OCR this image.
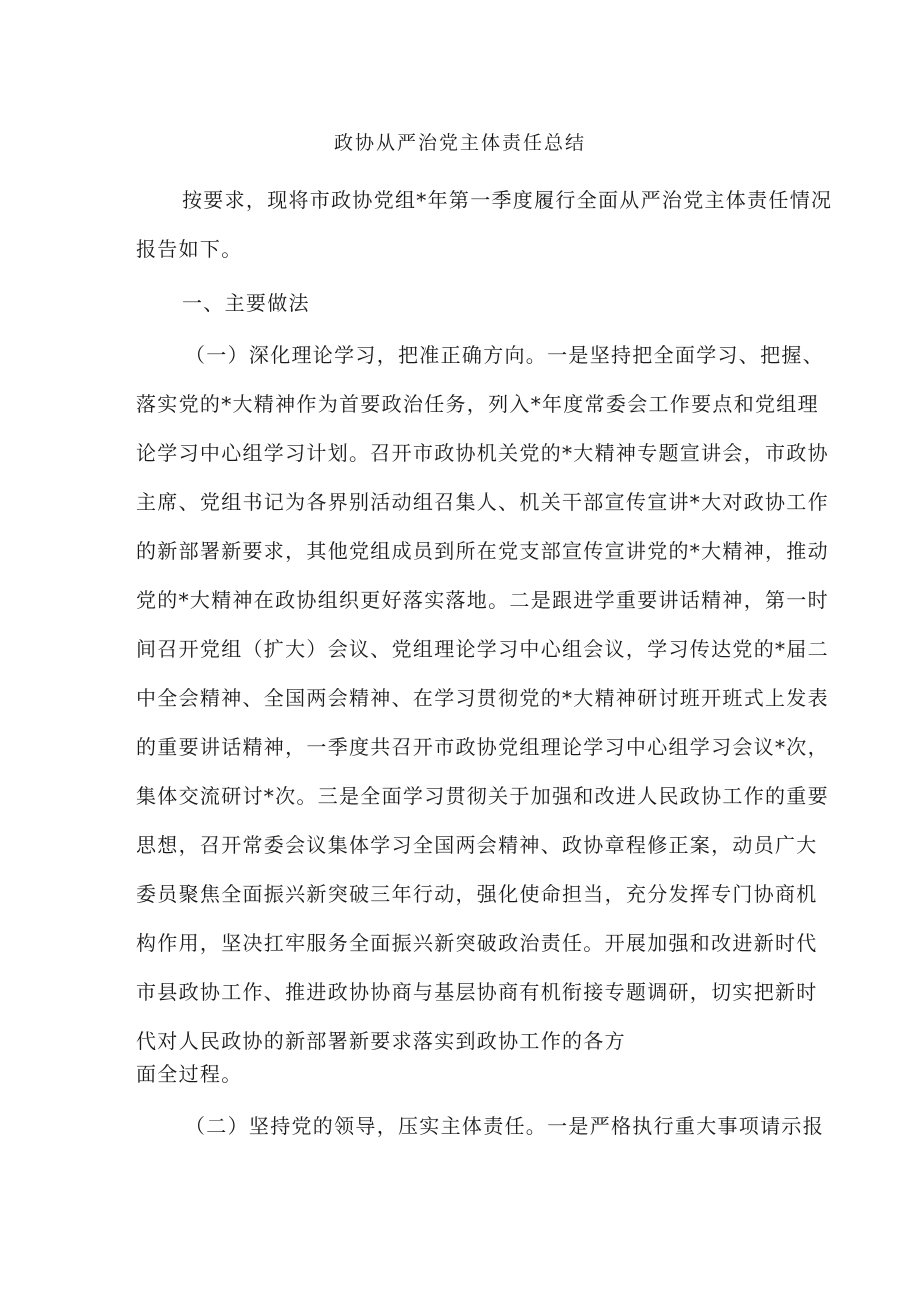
政协从严治党主体责任总结
按要求，现将市政协党组*年第一季度履行全面从严治党主体责任情况
报告如下。
一、主要做法
（一）深化理论学习，把准正确方向。一是坚持把全面学习、把握、
落实党的*大精神作为首要政治任务，列入*年度常委会工作要点和党组理
论学习中心组学习计划。召开市政协机关党的*大精神专题宣讲会，市政协
主席、党组书记为各界别活动组召集人、机关干部宣传宣讲*大对政协工作
的新部署新要求，其他党组成员到所在党支部宣传宣讲党的*大精神，推动
党的*大精神在政协组织更好落实落地。二是跟进学重要讲话精神，第一时
间召开党组（扩大）会议、党组理论学习中心组会议，学习传达党的*届二
中全会精神、全国两会精神、在学习贯彻党的*大精神研讨班开班式上发表
的重要讲话精神，一季度共召开市政协党组理论学习中心组学习会议*次，
集体交流研讨*次。三是全面学习贯彻关于加强和改进人民政协工作的重要
思想，召开常委会议集体学习全国两会精神、政协章程修正案，动员广大
委员聚焦全面振兴新突破三年行动，强化使命担当，充分发挥专门协商机
构作用，坚决扛牢服务全面振兴新突破政治责任。开展加强和改进新时代
市县政协工作、推进政协协商与基层协商有机衔接专题调研，切实把新时
代对人民政协的新部署新要求落实到政协工作的各方
面全过程。
（二）坚持党的领导，压实主体责任。一是严格执行重大事项请示报
